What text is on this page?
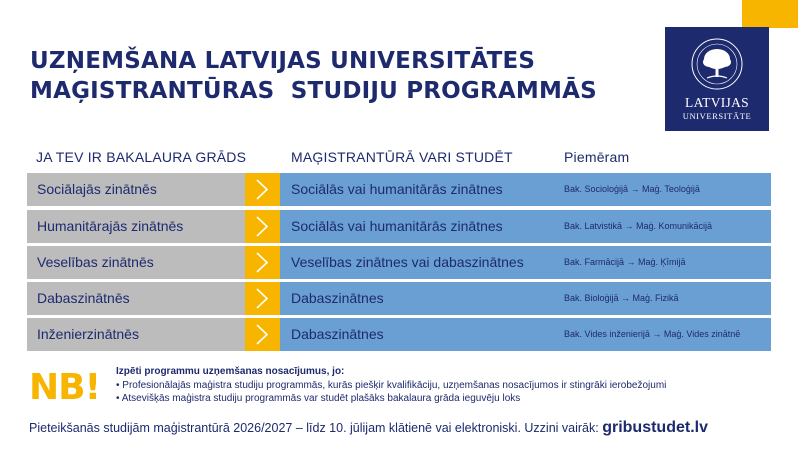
UZŅEMŠANA LATVIJAS UNIVERSITĀTES
MAĢISTRANTŪRAS  STUDIJU PROGRAMMĀS	LATVIJAS
UNIVERSITĀTE
JA TEV IR BAKALAURA GRĀDS	MAĢISTRANTŪRĀ VARI STUDĒT	Piemēram
Sociālajās zinātnēs	Sociālās vai humanitārās zinātnes	Bak. Socioloģijā → Maģ. Teoloģijā
Humanitārajās zinātnēs	Sociālās vai humanitārās zinātnes	Bak. Latvistikā → Maģ. Komunikācijā
Veselības zinātnēs	Veselības zinātnes vai dabaszinātnes	Bak. Farmācijā → Maģ. Ķīmijā
Dabaszinātnēs	Dabaszinātnes	Bak. Bioloģijā → Maģ. Fizikā
Inženierzinātnēs	Dabaszinātnes	Bak. Vides inženierijā → Maģ. Vides zinātnē
NB! Izpēti programmu uzņemšanas nosacījumus, jo:
• Profesionālajās maģistra studiju programmās, kurās piešķir kvalifikāciju, uzņemšanas nosacījumos ir stingrāki ierobežojumi
• Atsevišķās maģistra studiju programmās var studēt plašāks bakalaura grāda ieguvēju loks
Pieteikšanās studijām maģistrantūrā 2026/2027 – līdz 10. jūlijam klātienē vai elektroniski. Uzzini vairāk: gribustudet.lv
